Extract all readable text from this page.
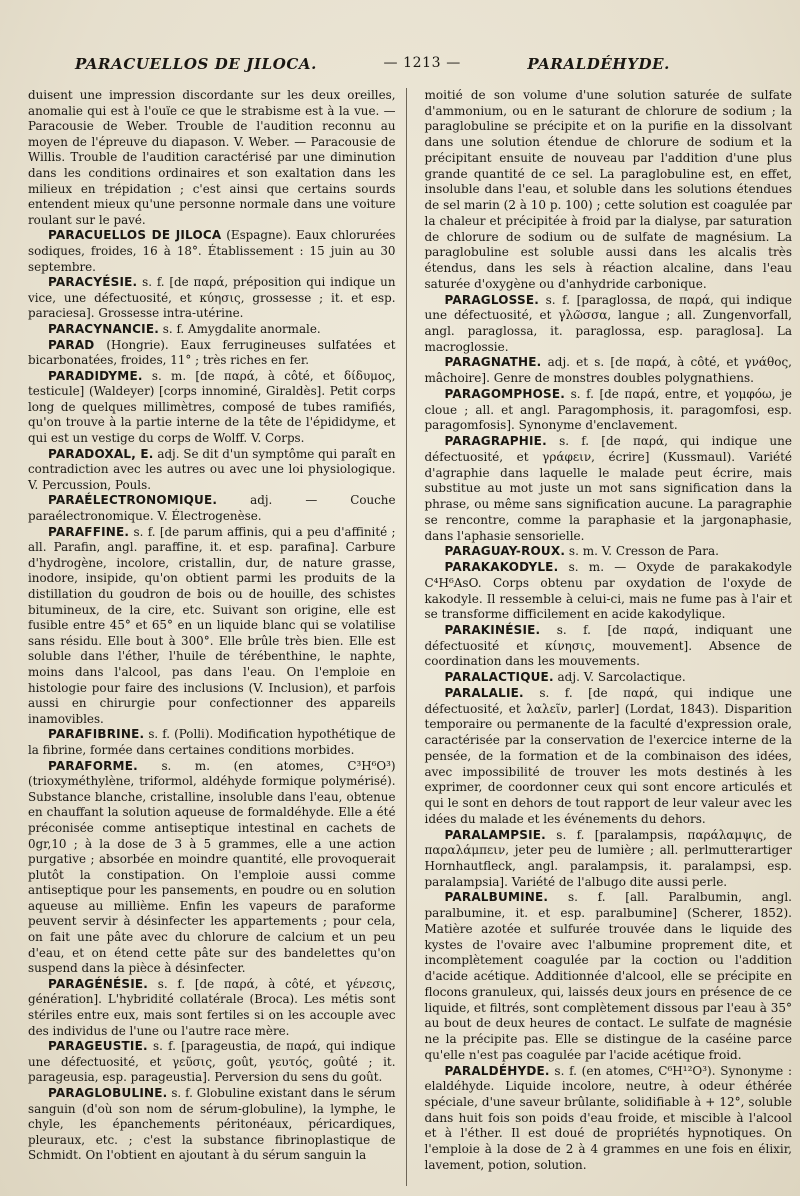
PARACUELLOS DE JILOCA.	— 1213 —	PARALDÉHYDE.

duisent une impression discordante sur les deux oreilles, anomalie qui est à l'ouïe ce que le strabisme est à la vue. — Paracousie de Weber. Trouble de l'audition reconnu au moyen de l'épreuve du diapason. V. Weber. — Paracousie de Willis. Trouble de l'audition caractérisé par une diminution dans les conditions ordinaires et son exaltation dans les milieux en trépidation ; c'est ainsi que certains sourds entendent mieux qu'une personne normale dans une voiture roulant sur le pavé.

PARACUELLOS DE JILOCA (Espagne). Eaux chlorurées sodiques, froides, 16 à 18°. Établissement : 15 juin au 30 septembre.

PARACYÉSIE. s. f. [de παρά, préposition qui indique un vice, une défectuosité, et κύησις, grossesse ; it. et esp. paraciesa]. Grossesse intra-utérine.

PARACYNANCIE. s. f. Amygdalite anormale.

PARAD (Hongrie). Eaux ferrugineuses sulfatées et bicarbonatées, froides, 11° ; très riches en fer.

PARADIDYME. s. m. [de παρά, à côté, et δίδυμος, testicule] (Waldeyer) [corps innominé, Giraldès]. Petit corps long de quelques millimètres, composé de tubes ramifiés, qu'on trouve à la partie interne de la tête de l'épididyme, et qui est un vestige du corps de Wolff. V. Corps.

PARADOXAL, E. adj. Se dit d'un symptôme qui paraît en contradiction avec les autres ou avec une loi physiologique. V. Percussion, Pouls.

PARAÉLECTRONOMIQUE.	adj. — Couche paraélectronomique. V. Électrogenèse.

PARAFFINE. s. f. [de parum affinis, qui a peu d'affinité ; all. Parafin, angl. paraffine, it. et esp. parafina]. Carbure d'hydrogène, incolore, cristallin, dur, de nature grasse, inodore, insipide, qu'on obtient parmi les produits de la distillation du goudron de bois ou de houille, des schistes bitumineux, de la cire, etc. Suivant son origine, elle est fusible entre 45° et 65° en un liquide blanc qui se volatilise sans résidu. Elle bout à 300°. Elle brûle très bien. Elle est soluble dans l'éther, l'huile de térébenthine, le naphte, moins dans l'alcool, pas dans l'eau. On l'emploie en histologie pour faire des inclusions (V. Inclusion), et parfois aussi en chirurgie pour confectionner des appareils inamovibles.

PARAFIBRINE. s. f. (Polli). Modification hypothétique de la fibrine, formée dans certaines conditions morbides.

PARAFORME. s. m. (en atomes, C³H⁶O³) (trioxyméthylène, triformol, aldéhyde formique polymérisé). Substance blanche, cristalline, insoluble dans l'eau, obtenue en chauffant la solution aqueuse de formaldéhyde. Elle a été préconisée comme antiseptique intestinal en cachets de 0gr,10 ; à la dose de 3 à 5 grammes, elle a une action purgative ; absorbée en moindre quantité, elle provoquerait plutôt la constipation. On l'emploie aussi comme antiseptique pour les pansements, en poudre ou en solution aqueuse au millième. Enfin les vapeurs de paraforme peuvent servir à désinfecter les appartements ; pour cela, on fait une pâte avec du chlorure de calcium et un peu d'eau, et on étend cette pâte sur des bandelettes qu'on suspend dans la pièce à désinfecter.

PARAGÉNÉSIE. s. f. [de παρά, à côté, et γένεσις, génération]. L'hybridité collatérale (Broca). Les métis sont stériles entre eux, mais sont fertiles si on les accouple avec des individus de l'une ou l'autre race mère.

PARAGEUSTIE. s. f. [parageustia, de παρά, qui indique une défectuosité, et γεῦσις, goût, γευτός, goûté ; it. parageusia, esp. parageustia]. Perversion du sens du goût.

PARAGLOBULINE. s. f. Globuline existant dans le sérum sanguin (d'où son nom de sérum-globuline), la lymphe, le chyle, les épanchements péritonéaux, péricardiques, pleuraux, etc. ; c'est la substance fibrinoplastique de Schmidt. On l'obtient en ajoutant à du sérum sanguin la

moitié de son volume d'une solution saturée de sulfate d'ammonium, ou en le saturant de chlorure de sodium ; la paraglobuline se précipite et on la purifie en la dissolvant dans une solution étendue de chlorure de sodium et la précipitant ensuite de nouveau par l'addition d'une plus grande quantité de ce sel. La paraglobuline est, en effet, insoluble dans l'eau, et soluble dans les solutions étendues de sel marin (2 à 10 p. 100) ; cette solution est coagulée par la chaleur et précipitée à froid par la dialyse, par saturation de chlorure de sodium ou de sulfate de magnésium. La paraglobuline est soluble aussi dans les alcalis très étendus, dans les sels à réaction alcaline, dans l'eau saturée d'oxygène ou d'anhydride carbonique.

PARAGLOSSE. s. f. [paraglossa, de παρά, qui indique une défectuosité, et γλῶσσα, langue ; all. Zungenvorfall, angl. paraglossa, it. paraglossa, esp. paraglosa]. La macroglossie.

PARAGNATHE. adj. et s. [de παρά, à côté, et γνάθος, mâchoire]. Genre de monstres doubles polygnathiens.

PARAGOMPHOSE. s. f. [de παρά, entre, et γομφόω, je cloue ; all. et angl. Paragomphosis, it. paragomfosi, esp. paragomfosis]. Synonyme d'enclavement.

PARAGRAPHIE. s. f. [de παρά, qui indique une défectuosité, et γράφειν, écrire] (Kussmaul). Variété d'agraphie dans laquelle le malade peut écrire, mais substitue au mot juste un mot sans signification dans la phrase, ou même sans signification aucune. La paragraphie se rencontre, comme la paraphasie et la jargonaphasie, dans l'aphasie sensorielle.

PARAGUAY-ROUX. s. m. V. Cresson de Para.

PARAKAKODYLE. s. m. — Oxyde de parakakodyle C⁴H⁶AsO. Corps obtenu par oxydation de l'oxyde de kakodyle. Il ressemble à celui-ci, mais ne fume pas à l'air et se transforme difficilement en acide kakodylique.

PARAKINÉSIE. s. f. [de παρά, indiquant une défectuosité et κίνησις, mouvement]. Absence de coordination dans les mouvements.

PARALACTIQUE. adj. V. Sarcolactique.

PARALALIE. s. f. [de παρά, qui indique une défectuosité, et λαλεῖν, parler] (Lordat, 1843). Disparition temporaire ou permanente de la faculté d'expression orale, caractérisée par la conservation de l'exercice interne de la pensée, de la formation et de la combinaison des idées, avec impossibilité de trouver les mots destinés à les exprimer, de coordonner ceux qui sont encore articulés et qui le sont en dehors de tout rapport de leur valeur avec les idées du malade et les événements du dehors.

PARALAMPSIE. s. f. [paralampsis, παράλαμψις, de παραλάμπειν, jeter peu de lumière ; all. perlmutterartiger Hornhautfleck, angl. paralampsis, it. paralampsi, esp. paralampsia]. Variété de l'albugo dite aussi perle.

PARALBUMINE. s. f. [all. Paralbumin, angl. paralbumine, it. et esp. paralbumine] (Scherer, 1852). Matière azotée et sulfurée trouvée dans le liquide des kystes de l'ovaire avec l'albumine proprement dite, et incomplètement coagulée par la coction ou l'addition d'acide acétique. Additionnée d'alcool, elle se précipite en flocons granuleux, qui, laissés deux jours en présence de ce liquide, et filtrés, sont complètement dissous par l'eau à 35° au bout de deux heures de contact. Le sulfate de magnésie ne la précipite pas. Elle se distingue de la caséine parce qu'elle n'est pas coagulée par l'acide acétique froid.

PARALDÉHYDE. s. f. (en atomes, C⁶H¹²O³). Synonyme : elaldéhyde. Liquide incolore, neutre, à odeur éthérée spéciale, d'une saveur brûlante, solidifiable à + 12°, soluble dans huit fois son poids d'eau froide, et miscible à l'alcool et à l'éther. Il est doué de propriétés hypnotiques. On l'emploie à la dose de 2 à 4 grammes en une fois en élixir, lavement, potion, solution.
